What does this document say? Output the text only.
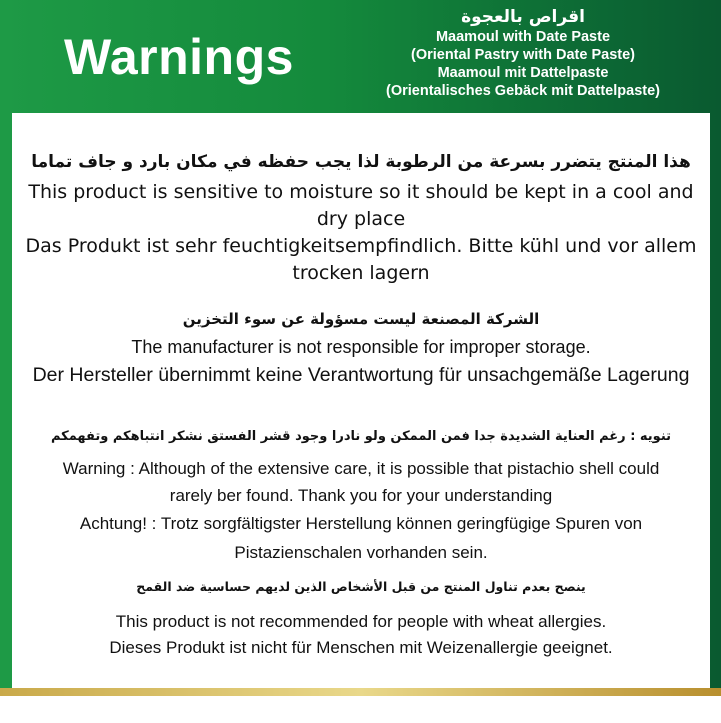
Warnings
اقراص بالعجوة
Maamoul with Date Paste
(Oriental Pastry with Date Paste)
Maamoul mit Dattelpaste
(Orientalisches Gebäck mit Dattelpaste)
هذا المنتج يتضرر بسرعة من الرطوبة لذا يجب حفظه في مكان بارد و جاف تماما
This product is sensitive to moisture so it should be kept in a cool and dry place
Das Produkt ist sehr feuchtigkeitsempfindlich. Bitte kühl und vor allem trocken lagern
الشركة المصنعة ليست مسؤولة عن سوء التخزين
The manufacturer is not responsible for improper storage.
Der Hersteller übernimmt keine Verantwortung für unsachgemäße Lagerung
تنويه : رغم العناية الشديدة جدا فمن الممكن ولو نادرا وجود قشر الفستق نشكر انتباهكم وتفهمكم
Warning : Although of the extensive care, it is possible that pistachio shell could rarely ber found. Thank you for your understanding
Achtung! : Trotz sorgfältigster Herstellung können geringfügige Spuren von Pistazienschalen vorhanden sein.
ينصح بعدم تناول المنتج من قبل الأشخاص الذين لديهم حساسية ضد القمح
This product is not recommended for people with wheat allergies.
Dieses Produkt ist nicht für Menschen mit Weizenallergie geeignet.
